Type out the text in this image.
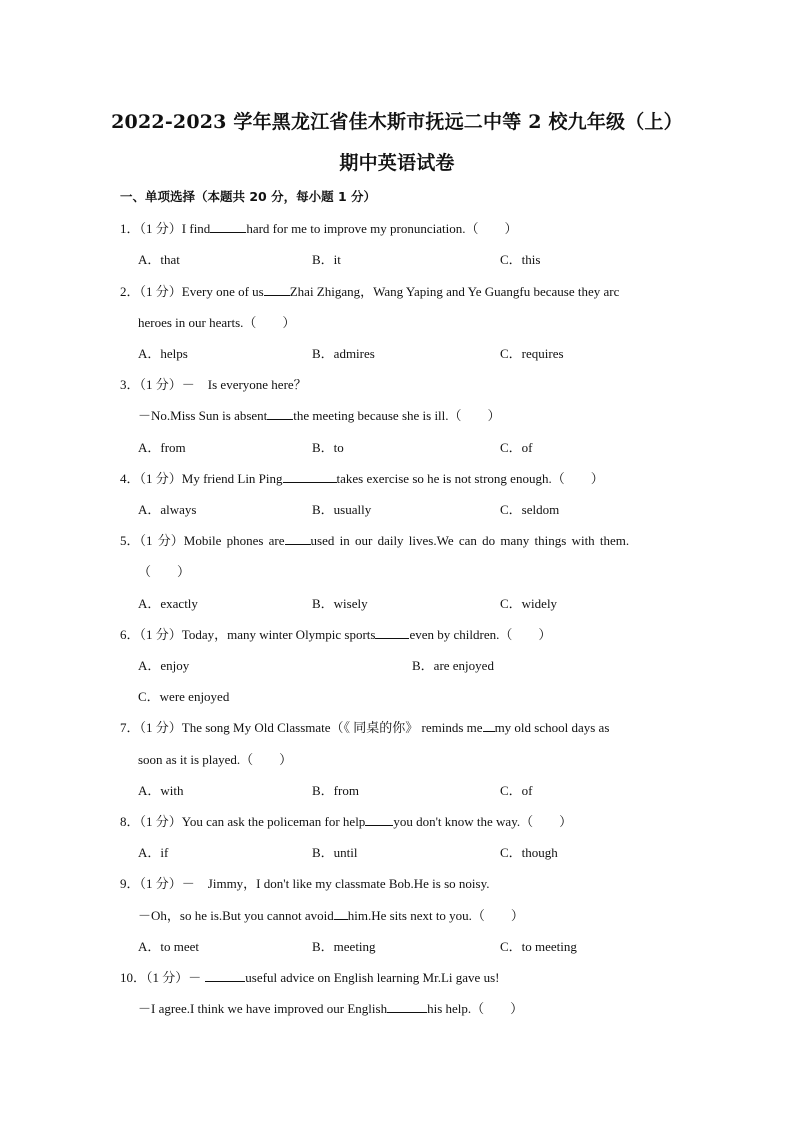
2022-2023 学年黑龙江省佳木斯市抚远二中等 2 校九年级（上）
期中英语试卷
一、单项选择（本题共 20 分，每小题 1 分）
1．（1 分）I find	hard for me to improve my pronunciation.（　　）
A．that	B．it	C．this
2．（1 分）Every one of us Zhai Zhigang，Wang Yaping and Ye Guangfu because they arc
heroes in our hearts.（　　）
A．helps	B．admires	C．requires
3．（1 分）－　Is everyone here？
－No.Miss Sun is absent the meeting because she is ill.（　　）
A．from	B．to	C．of
4．（1 分）My friend Lin Ping	takes exercise so he is not strong enough.（　　）
A．always	B．usually	C．seldom
5．（1 分）Mobile phones are used in our daily lives.We can do many things with them.
（　　）
A．exactly	B．wisely	C．widely
6．（1 分）Today，many winter Olympic sports	even by children.（　　）
A．enjoy	B．are enjoyed
C．were enjoyed
7．（1 分）The song My Old Classmate（《 同桌的你》 reminds me my old school days as
soon as it is played.（　　）
A．with	B．from	C．of
8．（1 分）You can ask the policeman for help you don't know the way.（　　）
A．if	B．until	C．though
9．（1 分）－　Jimmy，I don't like my classmate Bob.He is so noisy.
－Oh，so he is.But you cannot avoid him.He sits next to you.（　　）
A．to meet	B．meeting	C．to meeting
10．（1 分）－	useful advice on English learning Mr.Li gave us!
－I agree.I think we have improved our English	his help.（　　）
